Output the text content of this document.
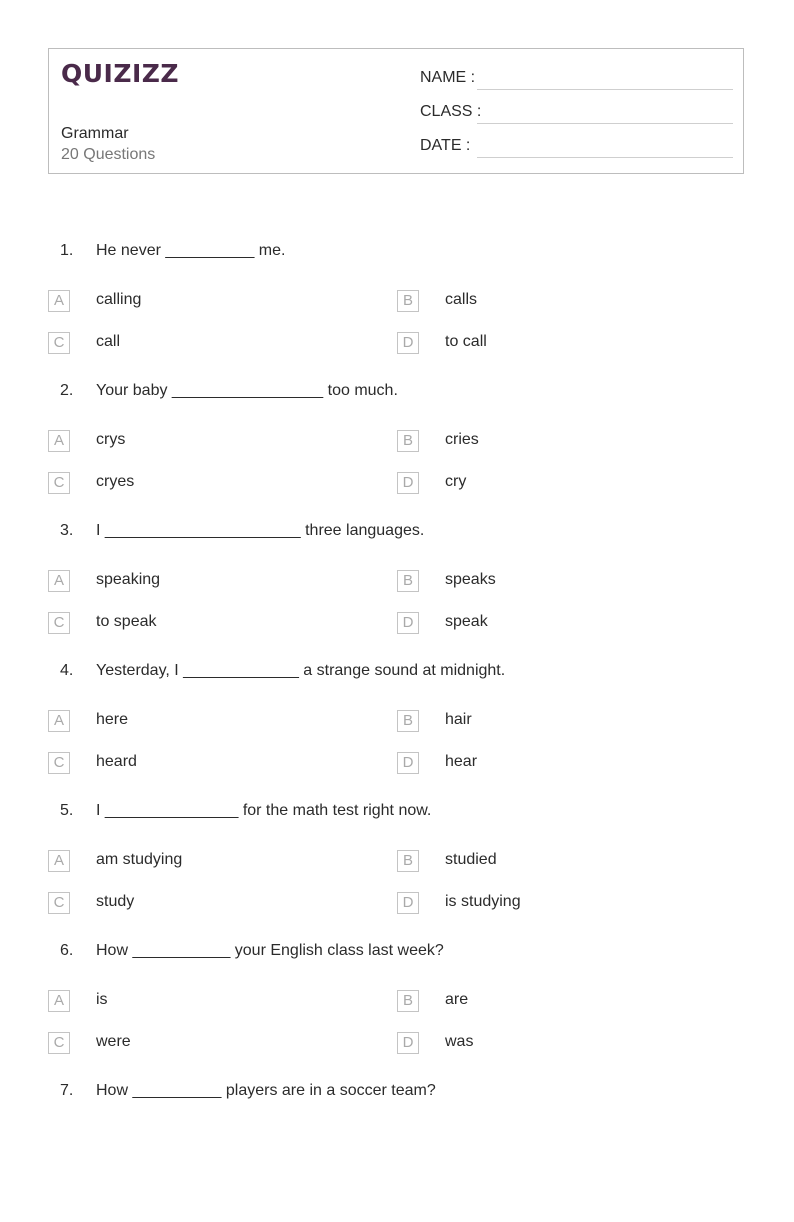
QUIZIZZ
Grammar
20 Questions
NAME :
CLASS :
DATE :
1. He never __________ me.
A	calling	B	calls
C	call	D	to call
2. Your baby _________________ too much.
A	crys	B	cries
C	cryes	D	cry
3. I ______________________ three languages.
A	speaking	B	speaks
C	to speak	D	speak
4. Yesterday, I _____________ a strange sound at midnight.
A	here	B	hair
C	heard	D	hear
5. I _______________ for the math test right now.
A	am studying	B	studied
C	study	D	is studying
6. How ___________ your English class last week?
A	is	B	are
C	were	D	was
7. How __________ players are in a soccer team?
